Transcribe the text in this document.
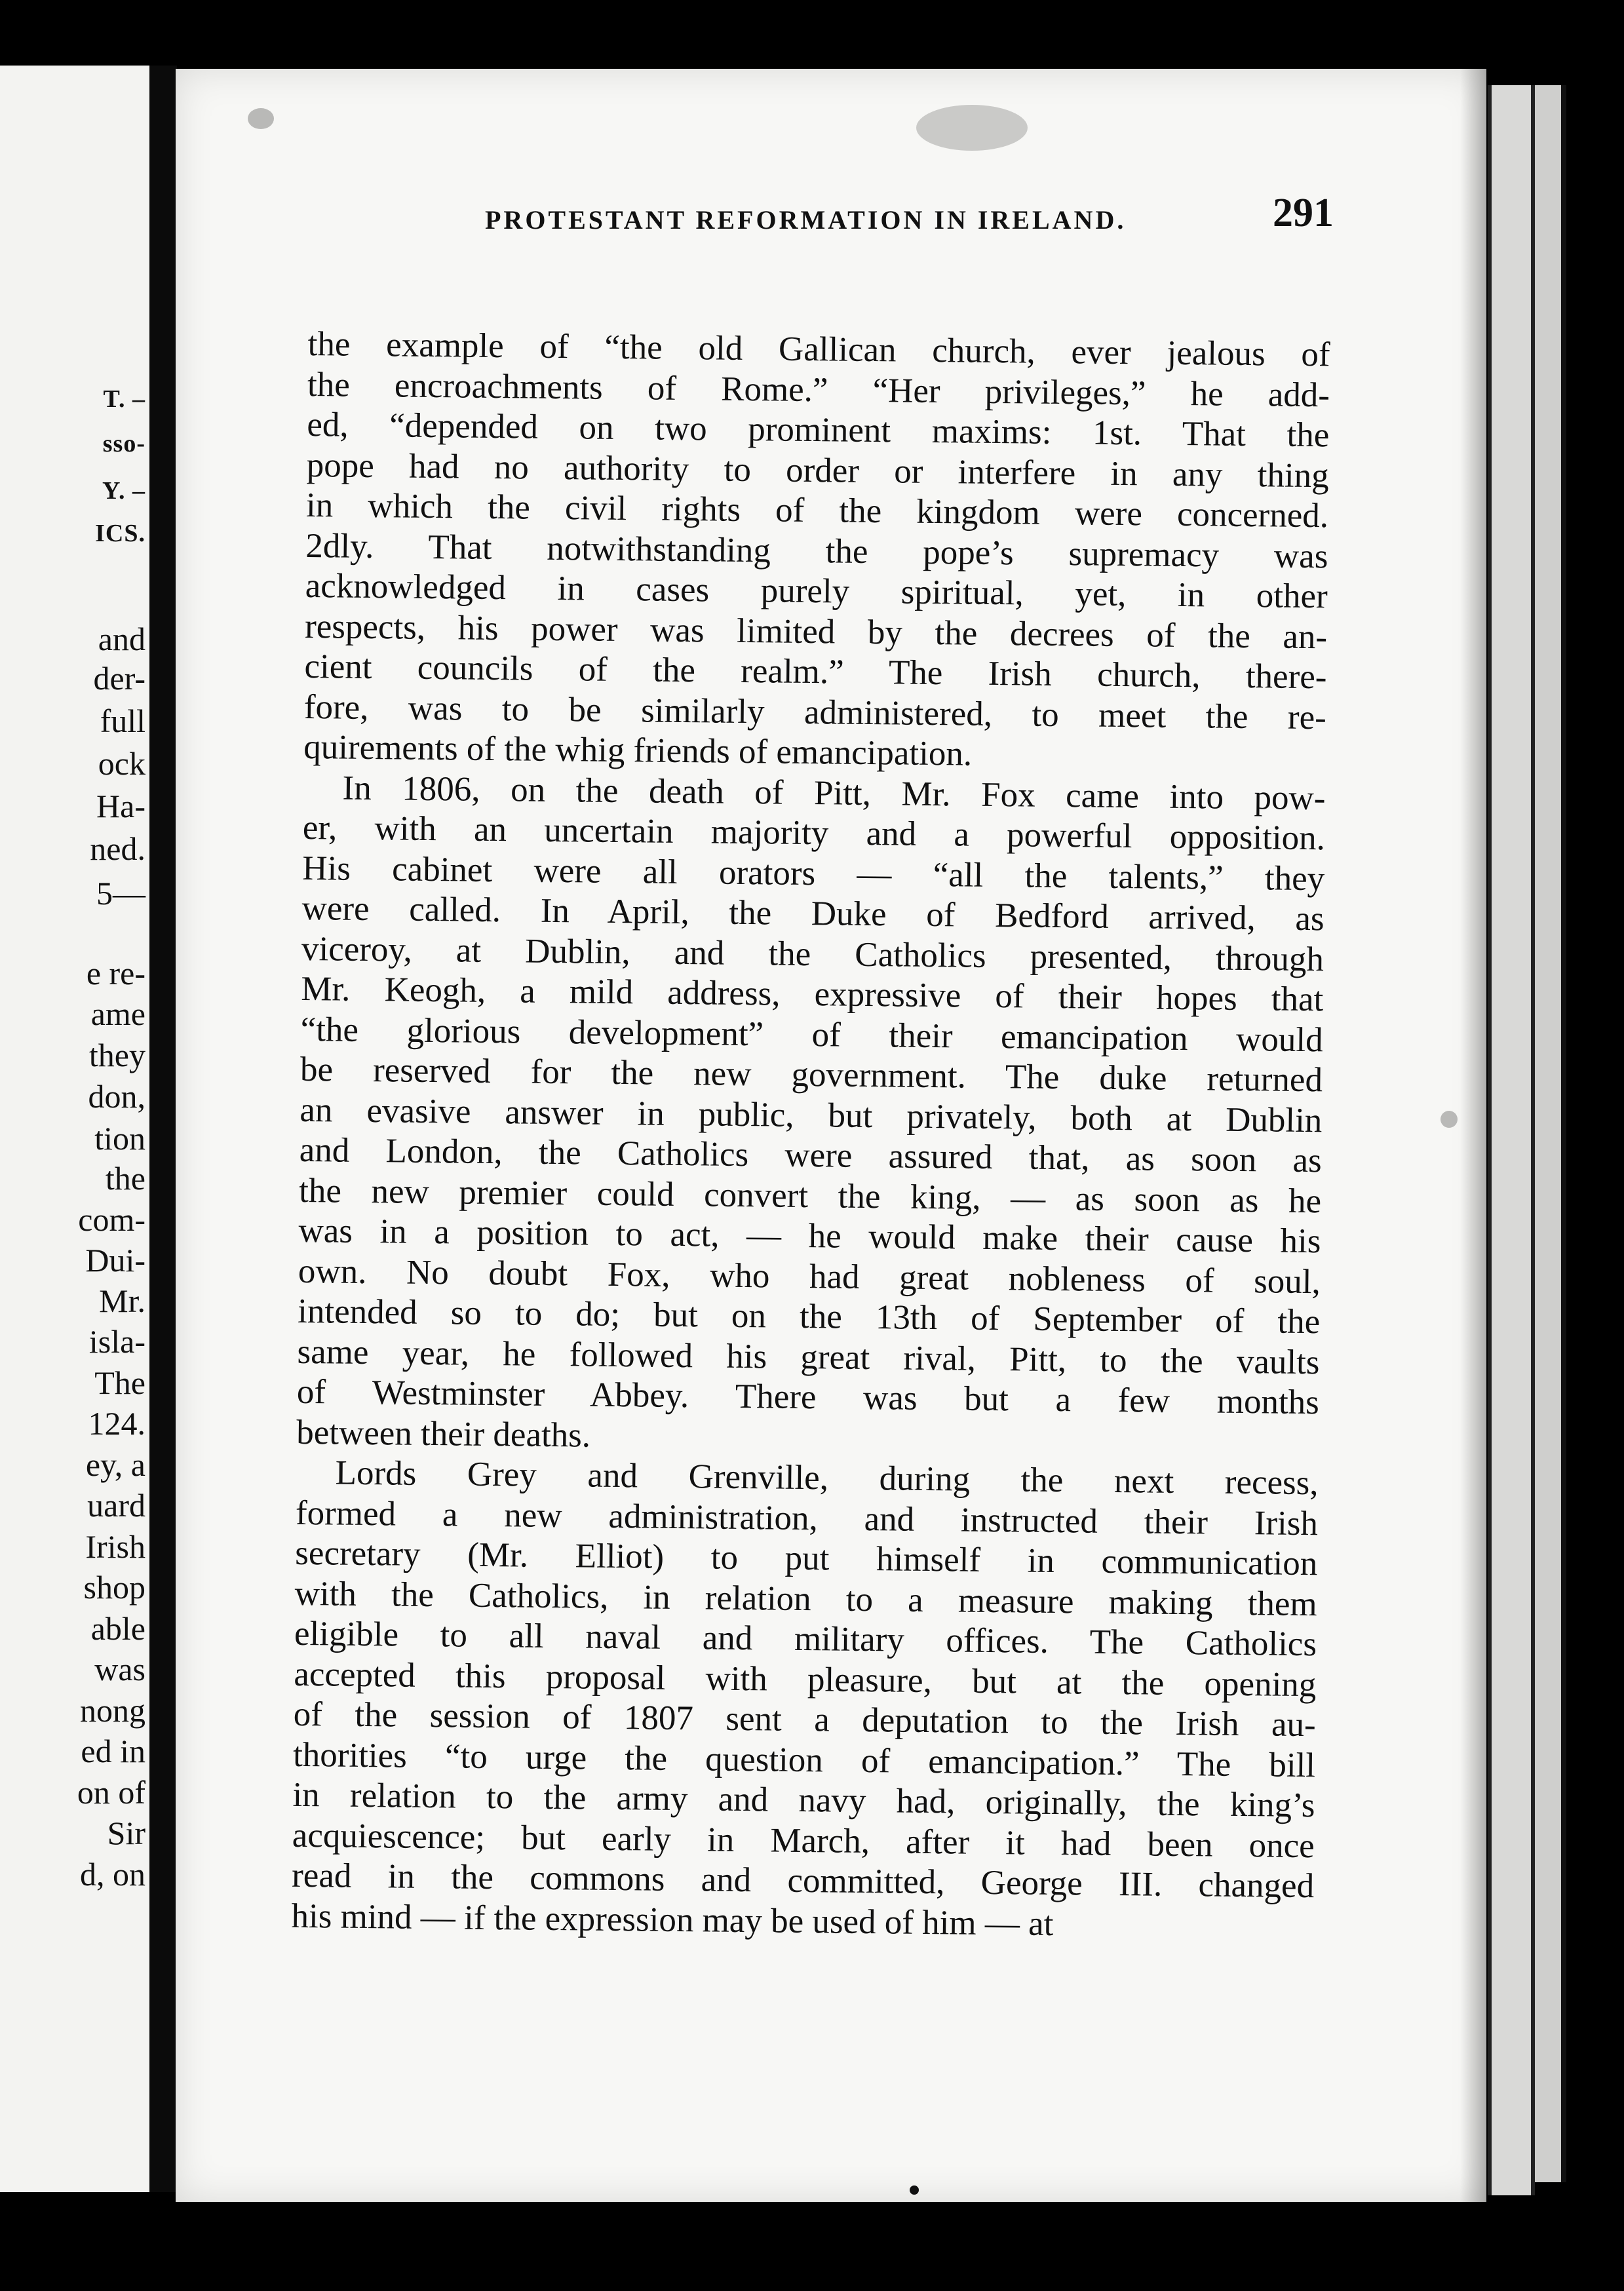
T. –
sso-
Y. –
ICS.
and
der-
full
ock
Ha-
ned.
5—
e re-
ame
they
don,
tion
the
com-
Dui-
Mr.
isla-
The
124.
ey, a
uard
Irish
shop
able
was
nong
ed in
on of
Sir
d, on
PROTESTANT REFORMATION IN IRELAND.	291
the example of “the old Gallican church, ever jealous of
the encroachments of Rome.” “Her privileges,” he add-
ed, “depended on two prominent maxims: 1st. That the
pope had no authority to order or interfere in any thing
in which the civil rights of the kingdom were concerned.
2dly. That notwithstanding the pope’s supremacy was
acknowledged in cases purely spiritual, yet, in other
respects, his power was limited by the decrees of the an-
cient councils of the realm.” The Irish church, there-
fore, was to be similarly administered, to meet the re-
quirements of the whig friends of emancipation.
In 1806, on the death of Pitt, Mr. Fox came into pow-
er, with an uncertain majority and a powerful opposition.
His cabinet were all orators — “all the talents,” they
were called. In April, the Duke of Bedford arrived, as
viceroy, at Dublin, and the Catholics presented, through
Mr. Keogh, a mild address, expressive of their hopes that
“the glorious development” of their emancipation would
be reserved for the new government. The duke returned
an evasive answer in public, but privately, both at Dublin
and London, the Catholics were assured that, as soon as
the new premier could convert the king, — as soon as he
was in a position to act, — he would make their cause his
own. No doubt Fox, who had great nobleness of soul,
intended so to do; but on the 13th of September of the
same year, he followed his great rival, Pitt, to the vaults
of Westminster Abbey. There was but a few months
between their deaths.
Lords Grey and Grenville, during the next recess,
formed a new administration, and instructed their Irish
secretary (Mr. Elliot) to put himself in communication
with the Catholics, in relation to a measure making them
eligible to all naval and military offices. The Catholics
accepted this proposal with pleasure, but at the opening
of the session of 1807 sent a deputation to the Irish au-
thorities “to urge the question of emancipation.” The bill
in relation to the army and navy had, originally, the king’s
acquiescence; but early in March, after it had been once
read in the commons and committed, George III. changed
his mind — if the expression may be used of him — at
